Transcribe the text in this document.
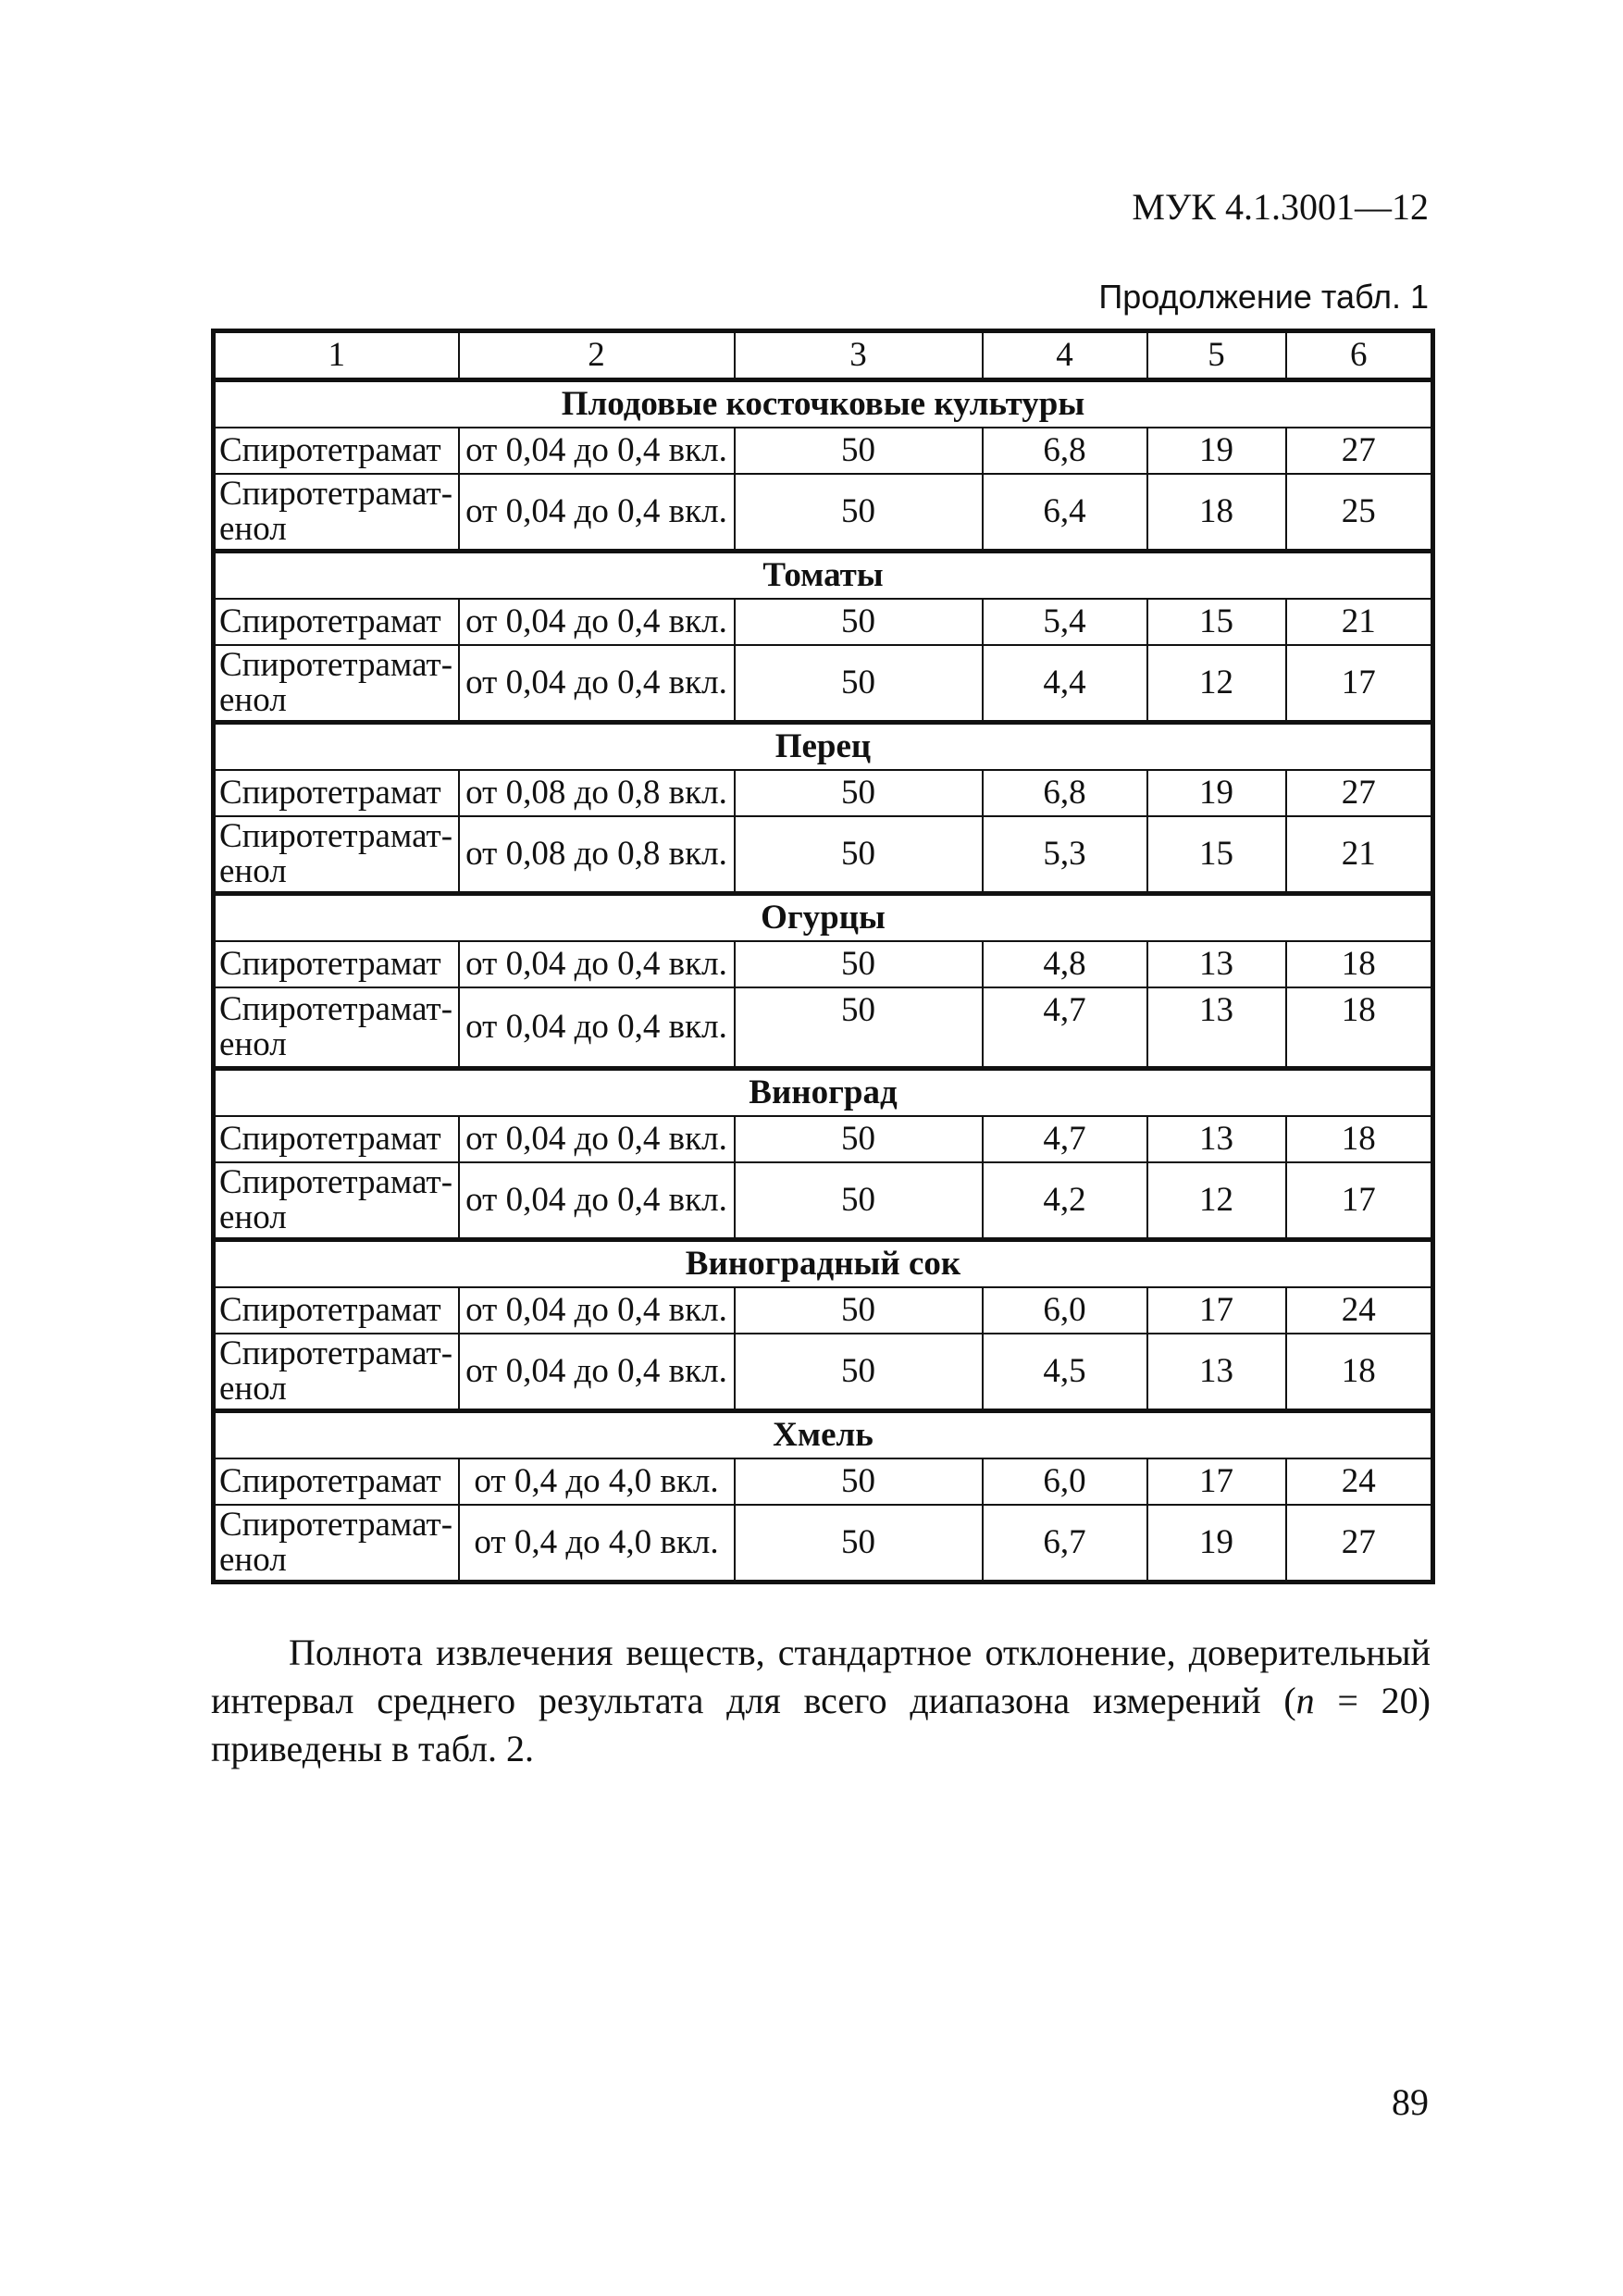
МУК 4.1.3001—12
Продолжение табл. 1
1	2	3	4	5	6
Плодовые косточковые культуры					
Спиротетрамат	от 0,04 до 0,4 вкл.	50	6,8	19	27
Спиротетрамат-енол	от 0,04 до 0,4 вкл.	50	6,4	18	25
Томаты					
Спиротетрамат	от 0,04 до 0,4 вкл.	50	5,4	15	21
Спиротетрамат-енол	от 0,04 до 0,4 вкл.	50	4,4	12	17
Перец					
Спиротетрамат	от 0,08 до 0,8 вкл.	50	6,8	19	27
Спиротетрамат-енол	от 0,08 до 0,8 вкл.	50	5,3	15	21
Огурцы					
Спиротетрамат	от 0,04 до 0,4 вкл.	50	4,8	13	18
Спиротетрамат-енол	от 0,04 до 0,4 вкл.	50	4,7	13	18
Виноград					
Спиротетрамат	от 0,04 до 0,4 вкл.	50	4,7	13	18
Спиротетрамат-енол	от 0,04 до 0,4 вкл.	50	4,2	12	17
Виноградный сок					
Спиротетрамат	от 0,04 до 0,4 вкл.	50	6,0	17	24
Спиротетрамат-енол	от 0,04 до 0,4 вкл.	50	4,5	13	18
Хмель					
Спиротетрамат	от 0,4 до 4,0 вкл.	50	6,0	17	24
Спиротетрамат-енол	от 0,4 до 4,0 вкл.	50	6,7	19	27
Полнота извлечения веществ, стандартное отклонение, доверительный интервал среднего результата для всего диапазона измерений (n = 20) приведены в табл. 2.
89
